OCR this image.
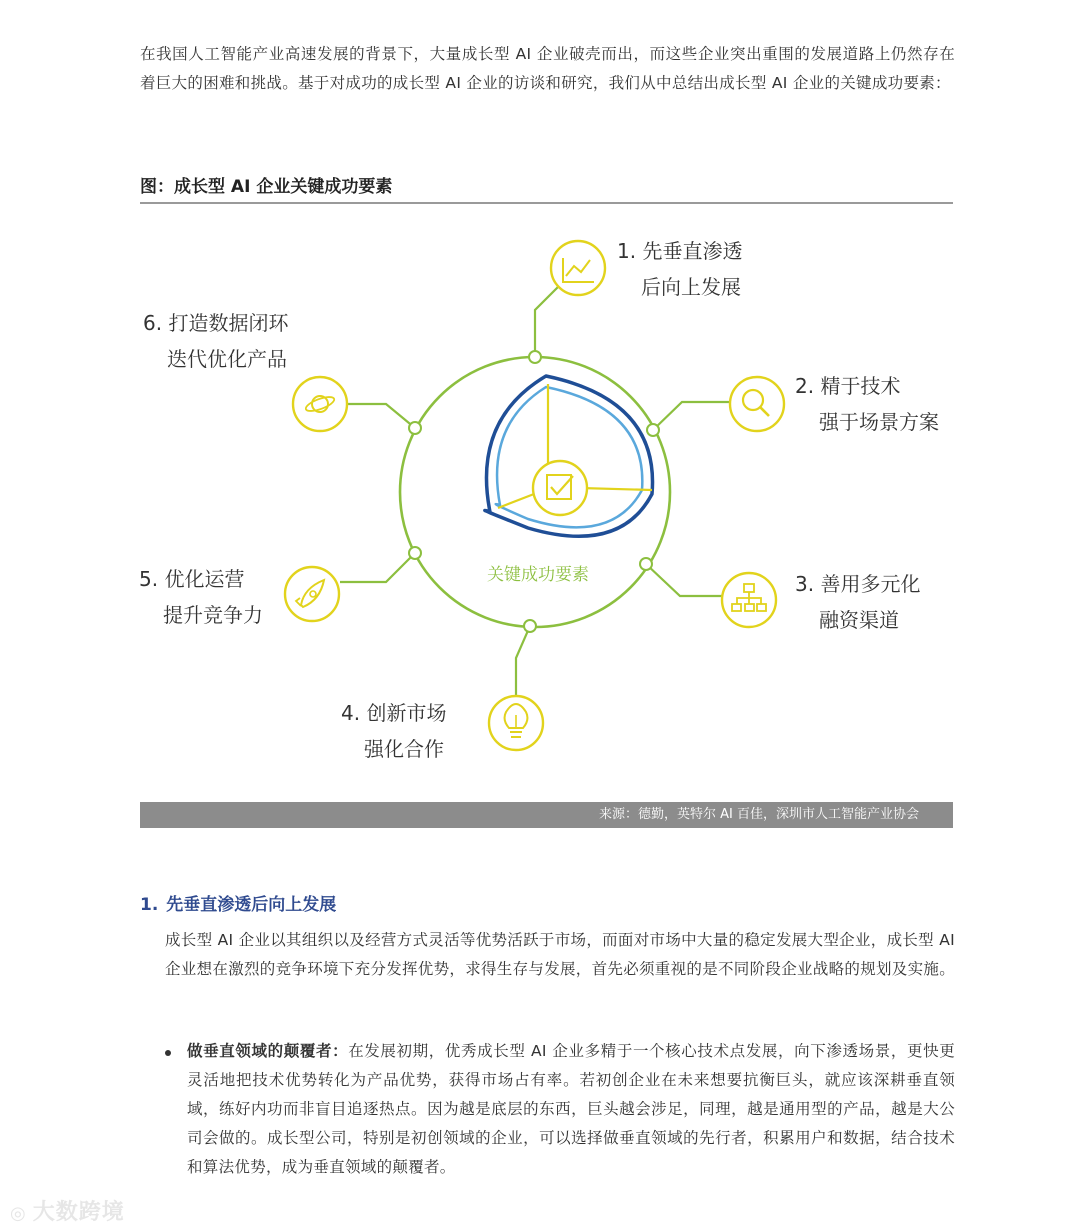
在我国人工智能产业高速发展的背景下，大量成长型 AI 企业破壳而出，而这些企业突出重围的发展道路上仍然存在着巨大的困难和挑战。基于对成功的成长型 AI 企业的访谈和研究，我们从中总结出成长型 AI 企业的关键成功要素：

图：成长型 AI 企业关键成功要素
关键成功要素
1. 先垂直渗透
后向上发展
2. 精于技术
强于场景方案
3. 善用多元化
融资渠道
4. 创新市场
强化合作
5. 优化运营
提升竞争力
6. 打造数据闭环
迭代优化产品
来源：德勤，英特尔 AI 百佳，深圳市人工智能产业协会
1. 先垂直渗透后向上发展

成长型 AI 企业以其组织以及经营方式灵活等优势活跃于市场，而面对市场中大量的稳定发展大型企业，成长型 AI 企业想在激烈的竞争环境下充分发挥优势，求得生存与发展，首先必须重视的是不同阶段企业战略的规划及实施。

做垂直领域的颠覆者：在发展初期，优秀成长型 AI 企业多精于一个核心技术点发展，向下渗透场景，更快更灵活地把技术优势转化为产品优势，获得市场占有率。若初创企业在未来想要抗衡巨头，就应该深耕垂直领域，练好内功而非盲目追逐热点。因为越是底层的东西，巨头越会涉足，同理，越是通用型的产品，越是大公司会做的。成长型公司，特别是初创领域的企业，可以选择做垂直领域的先行者，积累用户和数据，结合技术和算法优势，成为垂直领域的颠覆者。

◎ 大数跨境
